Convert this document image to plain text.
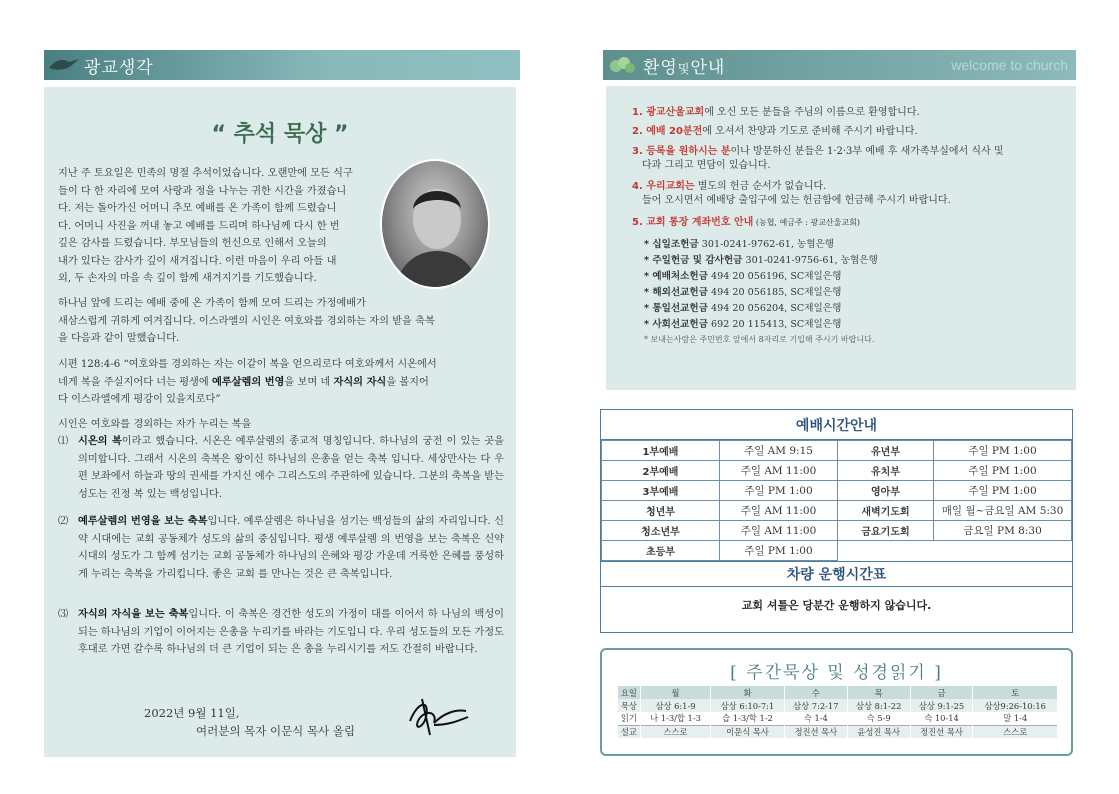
광교생각	환영및안내	welcome to church
“ 추석 묵상 ”
지난 주 토요일은 민족의 명절 추석이었습니다. 오랜만에 모든 식구
들이 다 한 자리에 모여 사랑과 정을 나누는 귀한 시간을 가졌습니
다. 저는 돌아가신 어머니 추모 예배를 온 가족이 함께 드렸습니
다. 어머니 사진을 꺼내 놓고 예배를 드리며 하나님께 다시 한 번
깊은 감사를 드렸습니다. 부모님들의 헌신으로 인해서 오늘의
내가 있다는 감사가 깊이 새겨집니다. 이런 마음이 우리 아들 내
외, 두 손자의 마음 속 깊이 함께 새겨지기를 기도했습니다.
하나님 앞에 드리는 예배 중에 온 가족이 함께 모여 드리는 가정예배가
새삼스럽게 귀하게 여겨집니다. 이스라엘의 시인은 여호와를 경외하는 자의 받을 축복
을 다음과 같이 말했습니다.
시편 128:4-6 “여호와를 경외하는 자는 이같이 복을 얻으리로다 여호와께서 시온에서
네게 복을 주실지어다 너는 평생에 예루살렘의 번영을 보며 네 자식의 자식을 볼지어
다 이스라엘에게 평강이 있을지로다”
시인은 여호와를 경외하는 자가 누리는 복을
⑴ 시온의 복이라고 했습니다. 시온은 예루살렘의 종교적 명칭입니다. 하나님의 궁전 이 있는 곳을 의미합니다. 그래서 시온의 축복은 왕이신 하나님의 은총을 얻는 축복 입니다. 세상만사는 다 우편 보좌에서 하늘과 땅의 권세를 가지신 예수 그리스도의 주관하에 있습니다. 그분의 축복을 받는 성도는 진정 복 있는 백성입니다.
⑵ 예루살렘의 번영을 보는 축복입니다. 예루살렘은 하나님을 섬기는 백성들의 삶의 자리입니다. 신약 시대에는 교회 공동체가 성도의 삶의 중심입니다. 평생 예루살렘 의 번영을 보는 축복은 신약 시대의 성도가 그 함께 섬기는 교회 공동체가 하나님의 은혜와 평강 가운데 거룩한 은혜를 풍성하게 누리는 축복을 가리킵니다. 좋은 교회 를 만나는 것은 큰 축복입니다.
⑶ 자식의 자식을 보는 축복입니다. 이 축복은 경건한 성도의 가정이 대를 이어서 하 나님의 백성이 되는 하나님의 기업이 이어지는 은총을 누리기를 바라는 기도입니 다. 우리 성도들의 모든 가정도 후대로 가면 갈수록 하나님의 더 큰 기업이 되는 은 총을 누리시기를 저도 간절히 바랍니다.
2022년 9월 11일,
여러분의 목자 이문식 목사 올림
1. 광교산울교회에 오신 모든 분들을 주님의 이름으로 환영합니다.
2. 예배 20분전에 오셔서 찬양과 기도로 준비해 주시기 바랍니다.
3. 등록을 원하시는 분이나 방문하신 분들은 1·2·3부 예배 후 새가족부실에서 식사 및
다과 그리고 면담이 있습니다.
4. 우리교회는 별도의 헌금 순서가 없습니다.
들어 오시면서 예배당 출입구에 있는 헌금함에 헌금해 주시기 바랍니다.
5. 교회 통장 계좌번호 안내 (농협, 예금주 : 광교산울교회)
* 십일조헌금 301-0241-9762-61, 농협은행
* 주일헌금 및 감사헌금 301-0241-9756-61, 농협은행
* 예배처소헌금 494 20 056196, SC제일은행
* 해외선교헌금 494 20 056185, SC제일은행
* 통일선교헌금 494 20 056204, SC제일은행
* 사회선교헌금 692 20 115413, SC제일은행
* 보내는사람은 주민번호 앞에서 8자리로 기입해 주시기 바랍니다.
예배시간안내
1부예배	주일 AM 9:15	유년부	주일 PM 1:00
2부예배	주일 AM 11:00	유치부	주일 PM 1:00
3부예배	주일 PM 1:00	영아부	주일 PM 1:00
청년부	주일 AM 11:00	새벽기도회	매일 월~금요일 AM 5:30
청소년부	주일 AM 11:00	금요기도회	금요일 PM 8:30
초등부	주일 PM 1:00		
차량 운행시간표
교회 셔틀은 당분간 운행하지 않습니다.
[ 주간묵상 및 성경읽기 ]
요일	월	화	수	목	금	토
묵상	삼상 6:1-9	삼상 6:10-7:1	삼상 7:2-17	삼상 8:1-22	삼상 9:1-25	삼상9:26-10:16
읽기	나 1-3/합 1-3	습 1-3/학 1-2	슥 1-4	슥 5-9	슥 10-14	말 1-4
설교	스스로	이문식 목사	정진선 목사	윤성진 목사	정진선 목사	스스로
